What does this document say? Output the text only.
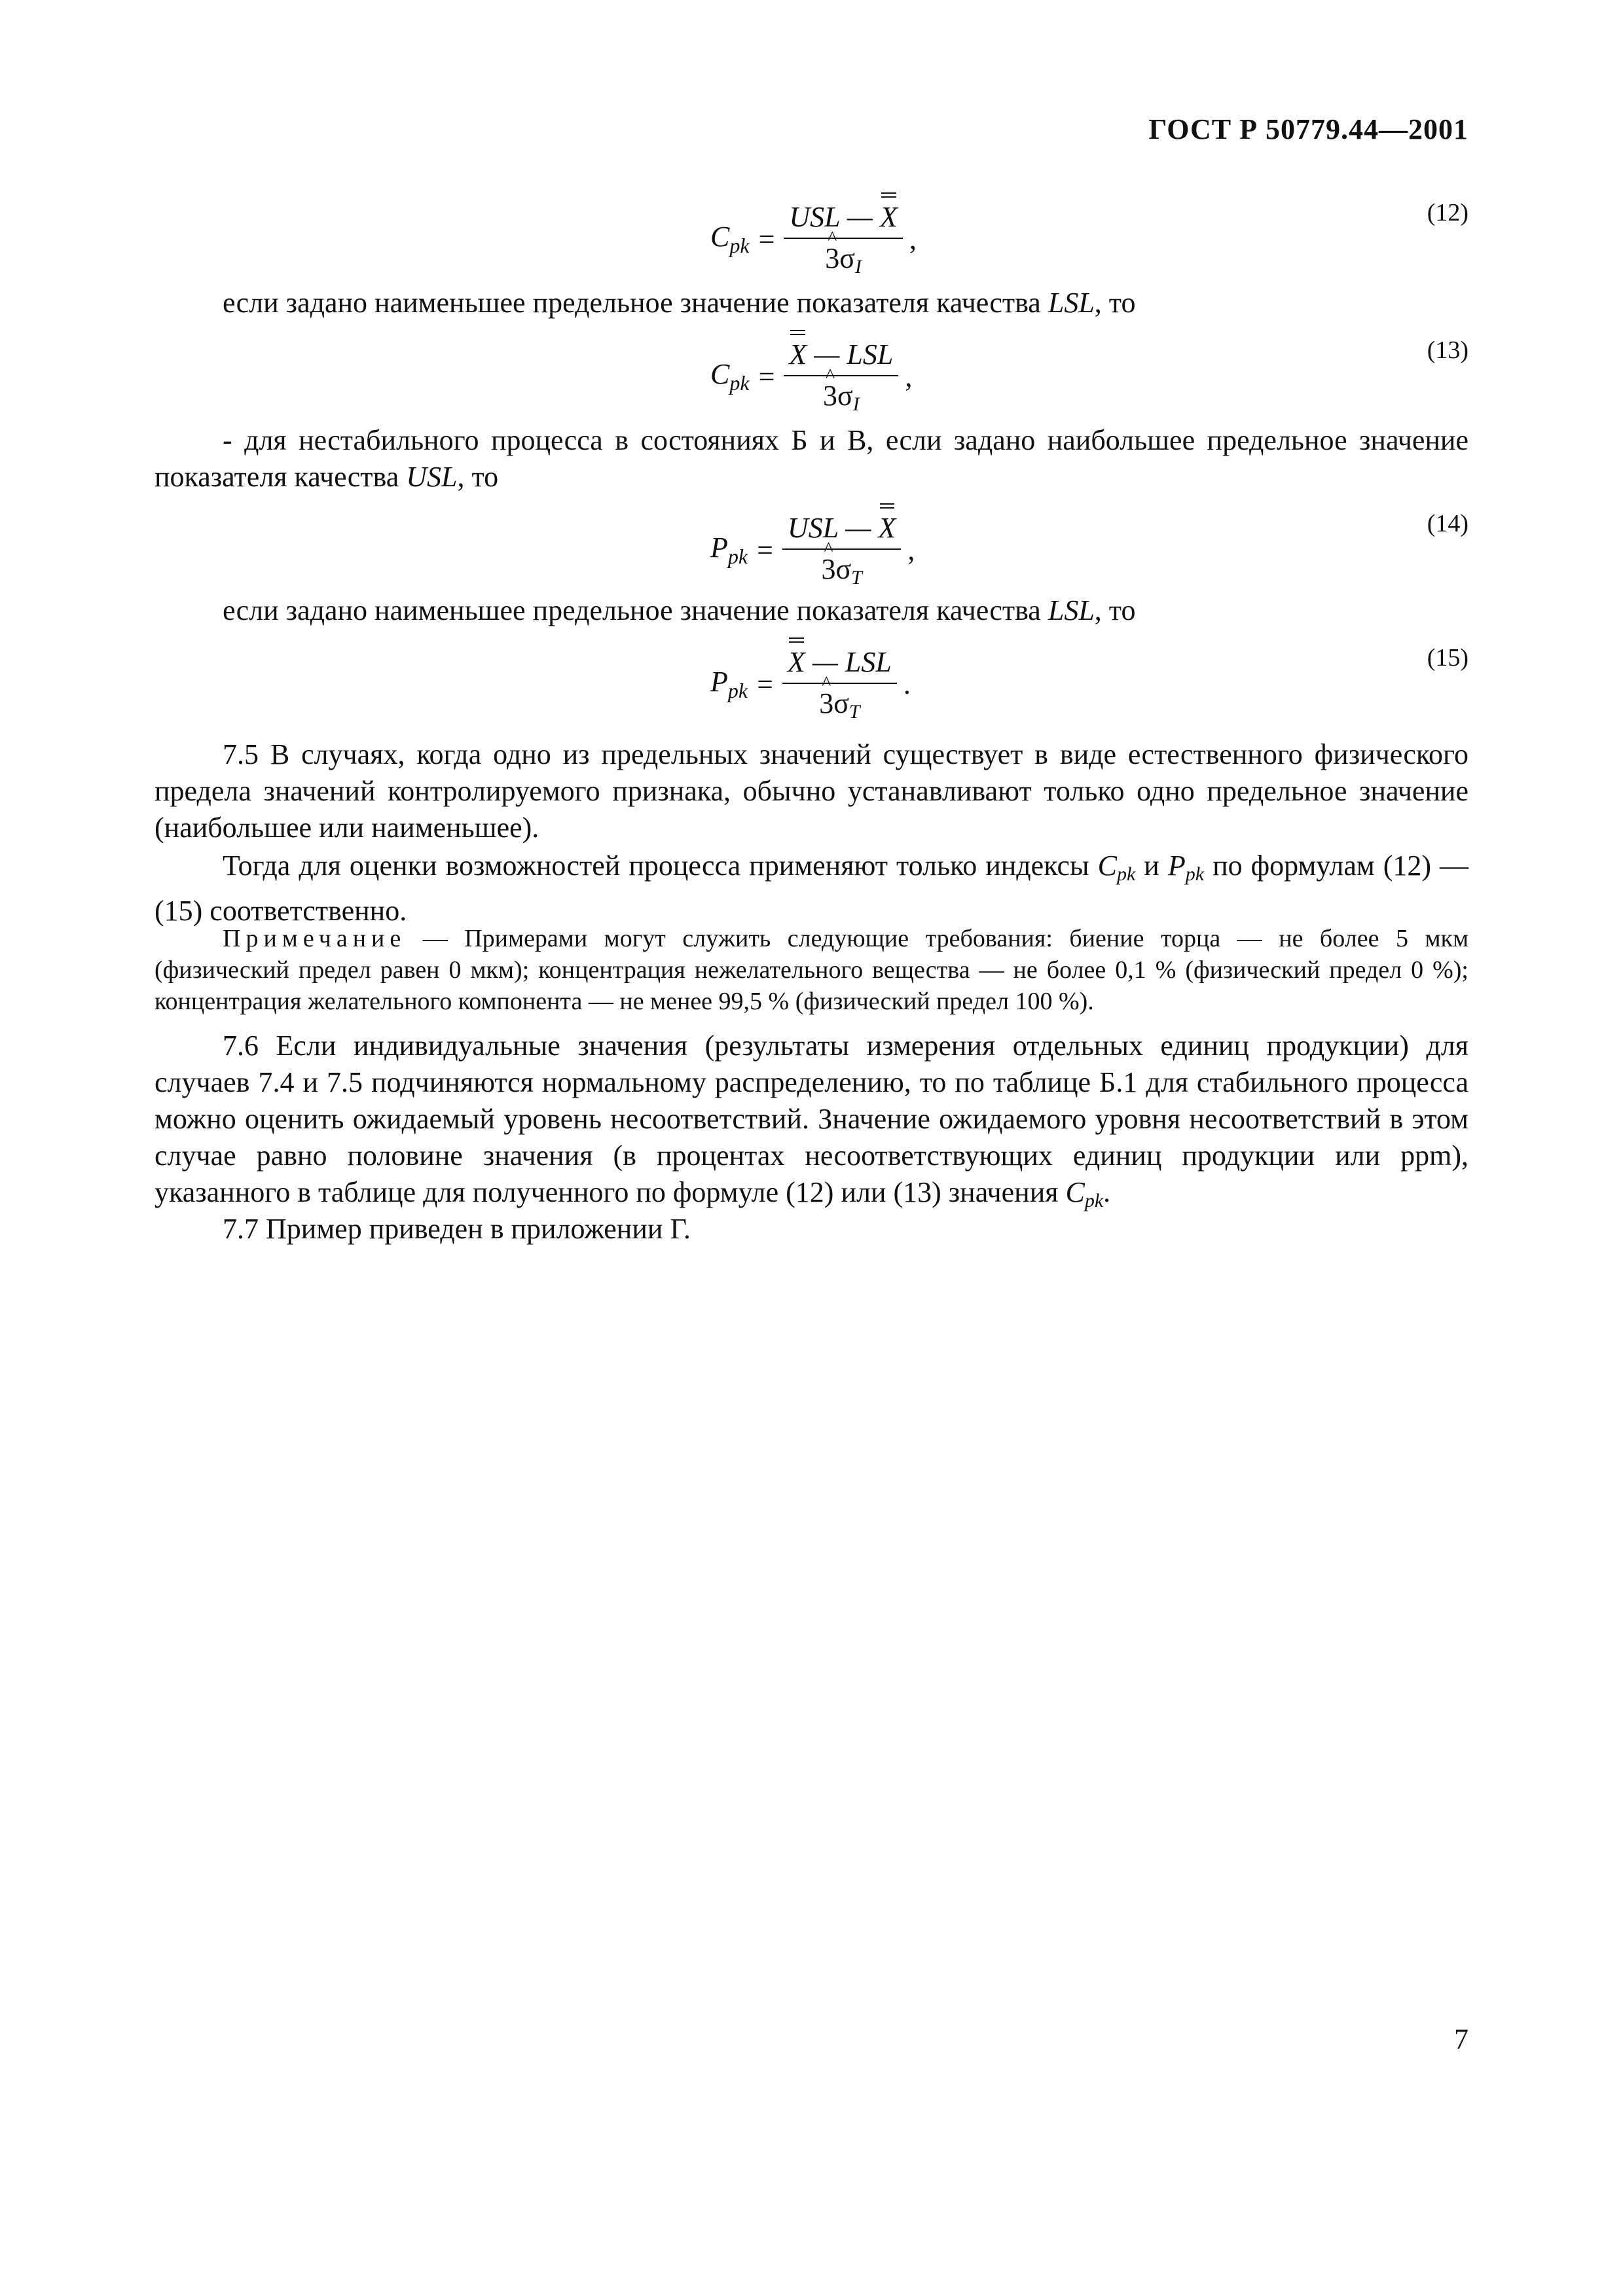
ГОСТ Р 50779.44—2001
(12)
$C_{pk}$ = USL — X
^ $3\sigma_I$ ,
если задано наименьшее предельное значение показателя качества LSL, то
(13)
$C_{pk} = X$ — LSL
^ $3\sigma_I$ ,
- для нестабильного процесса в состояниях Б и В, если задано наибольшее предельное значение показателя качества USL, то
(14)
$P_{pk}$ = USL — X
^ $3\sigma_T$ ,
если задано наименьшее предельное значение показателя качества LSL, то
(15)
$P_{pk} = X$ — LSL
^ $3\sigma_T$ .
7.5 В случаях, когда одно из предельных значений существует в виде естественного физического предела значений контролируемого признака, обычно устанавливают только одно предельное значение (наибольшее или наименьшее).
Тогда для оценки возможностей процесса применяют только индексы $C_{pk}$ и $P_{pk}$ по формулам (12) — (15) соответственно.
Примечание — Примерами могут служить следующие требования: биение торца — не более 5 мкм (физический предел равен 0 мкм); концентрация нежелательного вещества — не более 0,1 % (физический предел 0 %); концентрация желательного компонента — не менее 99,5 % (физический предел 100 %).
7.6 Если индивидуальные значения (результаты измерения отдельных единиц продукции) для случаев 7.4 и 7.5 подчиняются нормальному распределению, то по таблице Б.1 для стабильного процесса можно оценить ожидаемый уровень несоответствий. Значение ожидаемого уровня несоответствий в этом случае равно половине значения (в процентах несоответствующих единиц продукции или ppm), указанного в таблице для полученного по формуле (12) или (13) значения $C_{pk}$.
7.7 Пример приведен в приложении Г.
7
